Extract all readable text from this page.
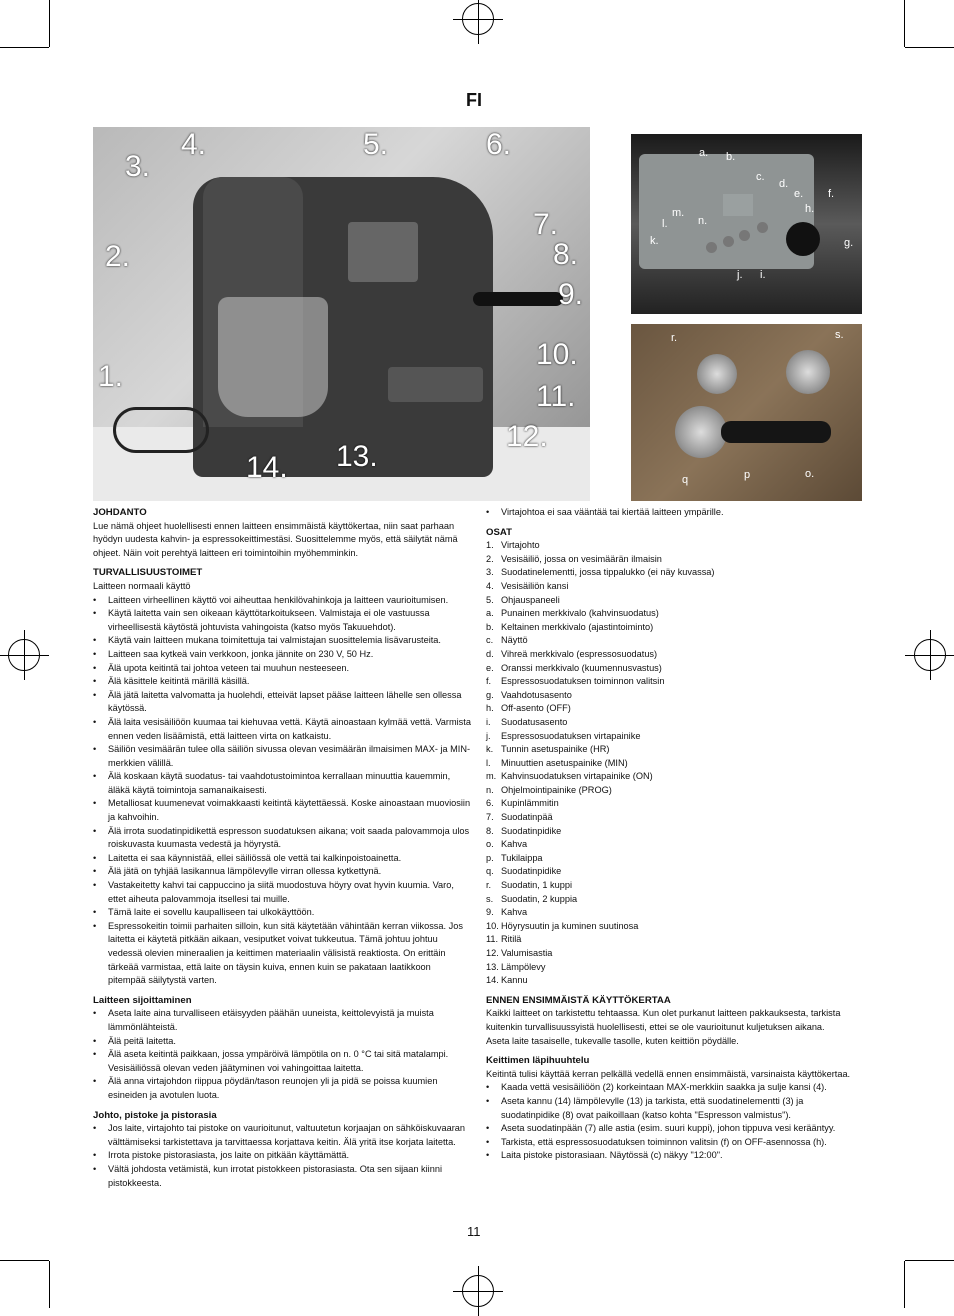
FI
1.
2.
3.
4.	5.	6.
7.
8.
9.
10.
11.
12.
13.
14.
a. b.
c.
d.
e. f.
g.
h.
i.
j.
k.
l.
m.
n.
r.	s.
q	p	o.
JOHDANTO

Lue nämä ohjeet huolellisesti ennen laitteen ensimmäistä käyttökertaa, niin saat parhaan hyödyn uudesta kahvin- ja espressokeittimestäsi. Suosittelemme myös, että säilytät nämä ohjeet. Näin voit perehtyä laitteen eri toimintoihin myöhemminkin.

TURVALLISUUSTOIMET

Laitteen normaali käyttö

• Laitteen virheellinen käyttö voi aiheuttaa henkilövahinkoja ja laitteen vaurioitumisen.
• Käytä laitetta vain sen oikeaan käyttötarkoitukseen. Valmistaja ei ole vastuussa virheellisestä käytöstä johtuvista vahingoista (katso myös Takuuehdot).
• Käytä vain laitteen mukana toimitettuja tai valmistajan suosittelemia lisävarusteita.
• Laitteen saa kytkeä vain verkkoon, jonka jännite on 230 V, 50 Hz.
• Älä upota keitintä tai johtoa veteen tai muuhun nesteeseen.
• Älä käsittele keitintä märillä käsillä.
• Älä jätä laitetta valvomatta ja huolehdi, etteivät lapset pääse laitteen lähelle sen ollessa käytössä.
• Älä laita vesisäiliöön kuumaa tai kiehuvaa vettä. Käytä ainoastaan kylmää vettä. Varmista ennen veden lisäämistä, että laitteen virta on katkaistu.
• Säiliön vesimäärän tulee olla säiliön sivussa olevan vesimäärän ilmaisimen MAX- ja MIN-merkkien välillä.
• Älä koskaan käytä suodatus- tai vaahdotustoimintoa kerrallaan minuuttia kauemmin, äläkä käytä toimintoja samanaikaisesti.
• Metalliosat kuumenevat voimakkaasti keitintä käytettäessä. Koske ainoastaan muoviosiin ja kahvoihin.
• Älä irrota suodatinpidikettä espresson suodatuksen aikana; voit saada palovammoja ulos roiskuvasta kuumasta vedestä ja höyrystä.
• Laitetta ei saa käynnistää, ellei säiliössä ole vettä tai kalkinpoistoainetta.
• Älä jätä on tyhjää lasikannua lämpölevylle virran ollessa kytkettynä.
• Vastakeitetty kahvi tai cappuccino ja siitä muodostuva höyry ovat hyvin kuumia. Varo, ettet aiheuta palovammoja itsellesi tai muille.
• Tämä laite ei sovellu kaupalliseen tai ulkokäyttöön.
• Espressokeitin toimii parhaiten silloin, kun sitä käytetään vähintään kerran viikossa. Jos laitetta ei käytetä pitkään aikaan, vesiputket voivat tukkeutua. Tämä johtuu johtuu vedessä olevien mineraalien ja keittimen materiaalin välisistä reaktiosta. On erittäin tärkeää varmistaa, että laite on täysin kuiva, ennen kuin se pakataan laatikkoon pitempää säilytystä varten.
Laitteen sijoittaminen
• Aseta laite aina turvalliseen etäisyyden päähän uuneista, keittolevyistä ja muista lämmönlähteistä.
• Älä peitä laitetta.
• Älä aseta keitintä paikkaan, jossa ympäröivä lämpötila on n. 0 °C tai sitä matalampi. Vesisäiliössä olevan veden jäätyminen voi vahingoittaa laitetta.
• Älä anna virtajohdon riippua pöydän/tason reunojen yli ja pidä se poissa kuumien esineiden ja avotulen luota.
Johto, pistoke ja pistorasia
• Jos laite, virtajohto tai pistoke on vaurioitunut, valtuutetun korjaajan on sähköiskuvaaran välttämiseksi tarkistettava ja tarvittaessa korjattava keitin. Älä yritä itse korjata laitetta.
• Irrota pistoke pistorasiasta, jos laite on pitkään käyttämättä.
• Vältä johdosta vetämistä, kun irrotat pistokkeen pistorasiasta. Ota sen sijaan kiinni pistokkeesta.
• Virtajohtoa ei saa vääntää tai kiertää laitteen ympärille.
OSAT
1. Virtajohto
2. Vesisäiliö, jossa on vesimäärän ilmaisin
3. Suodatinelementti, jossa tippalukko (ei näy kuvassa)
4. Vesisäiliön kansi
5. Ohjauspaneeli
a. Punainen merkkivalo (kahvinsuodatus)
b. Keltainen merkkivalo (ajastintoiminto)
c. Näyttö
d. Vihreä merkkivalo (espressosuodatus)
e. Oranssi merkkivalo (kuumennusvastus)
f. Espressosuodatuksen toiminnon valitsin
g. Vaahdotusasento
h. Off-asento (OFF)
i. Suodatusasento
j. Espressosuodatuksen virtapainike
k. Tunnin asetuspainike (HR)
l. Minuuttien asetuspainike (MIN)
m. Kahvinsuodatuksen virtapainike (ON)
n. Ohjelmointipainike (PROG)
6. Kupinlämmitin
7. Suodatinpää
8. Suodatinpidike
o. Kahva
p. Tukilaippa
q. Suodatinpidike
r. Suodatin, 1 kuppi
s. Suodatin, 2 kuppia
9. Kahva
10. Höyrysuutin ja kuminen suutinosa
11. Ritilä
12. Valumisastia
13. Lämpölevy
14. Kannu
ENNEN ENSIMMÄISTÄ KÄYTTÖKERTAA

Kaikki laitteet on tarkistettu tehtaassa. Kun olet purkanut laitteen pakkauksesta, tarkista kuitenkin turvallisuussyistä huolellisesti, ettei se ole vaurioitunut kuljetuksen aikana.

Aseta laite tasaiselle, tukevalle tasolle, kuten keittiön pöydälle.

Keittimen läpihuuhtelu

Keitintä tulisi käyttää kerran pelkällä vedellä ennen ensimmäistä, varsinaista käyttökertaa.

• Kaada vettä vesisäiliöön (2) korkeintaan MAX-merkkiin saakka ja sulje kansi (4).
• Aseta kannu (14) lämpölevylle (13) ja tarkista, että suodatinelementti (3) ja suodatinpidike (8) ovat paikoillaan (katso kohta "Espresson valmistus").
• Aseta suodatinpään (7) alle astia (esim. suuri kuppi), johon tippuva vesi kerääntyy.
• Tarkista, että espressosuodatuksen toiminnon valitsin (f) on OFF-asennossa (h).
• Laita pistoke pistorasiaan. Näytössä (c) näkyy "12:00".
11
